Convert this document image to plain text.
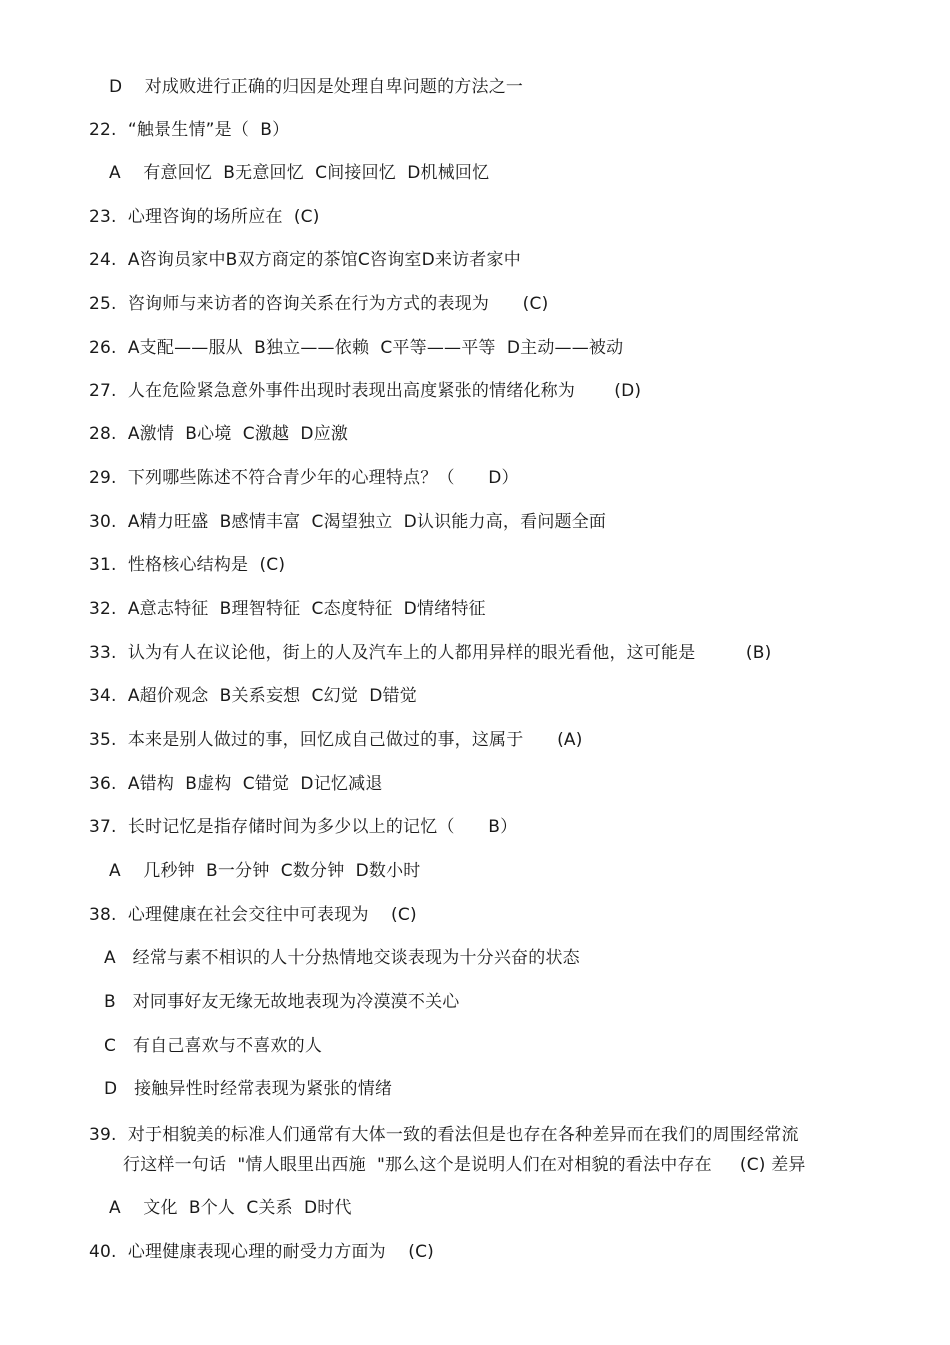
D    对成败进行正确的归因是处理自卑问题的方法之一
22.  “触景生情”是（  B）
A    有意回忆  B无意回忆  C间接回忆  D机械回忆
23.  心理咨询的场所应在  (C)
24.  A咨询员家中B双方商定的茶馆C咨询室D来访者家中
25.  咨询师与来访者的咨询关系在行为方式的表现为      (C)
26.  A支配——服从  B独立——依赖  C平等——平等  D主动——被动
27.  人在危险紧急意外事件出现时表现出高度紧张的情绪化称为       (D)
28.  A激情  B心境  C激越  D应激
29.  下列哪些陈述不符合青少年的心理特点？（      D）
30.  A精力旺盛  B感情丰富  C渴望独立  D认识能力高，看问题全面
31.  性格核心结构是  (C)
32.  A意志特征  B理智特征  C态度特征  D情绪特征
33.  认为有人在议论他，街上的人及汽车上的人都用异样的眼光看他，这可能是         (B)
34.  A超价观念  B关系妄想  C幻觉  D错觉
35.  本来是别人做过的事，回忆成自己做过的事，这属于      (A)
36.  A错构  B虚构  C错觉  D记忆减退
37.  长时记忆是指存储时间为多少以上的记忆（      B）
A    几秒钟  B一分钟  C数分钟  D数小时
38.  心理健康在社会交往中可表现为    (C)
A   经常与素不相识的人十分热情地交谈表现为十分兴奋的状态
B   对同事好友无缘无故地表现为冷漠漠不关心
C   有自己喜欢与不喜欢的人
D   接触异性时经常表现为紧张的情绪
39.  对于相貌美的标准人们通常有大体一致的看法但是也存在各种差异而在我们的周围经常流
行这样一句话  "情人眼里出西施  "那么这个是说明人们在对相貌的看法中存在     (C) 差异
A    文化  B个人  C关系  D时代
40.  心理健康表现心理的耐受力方面为    (C)
